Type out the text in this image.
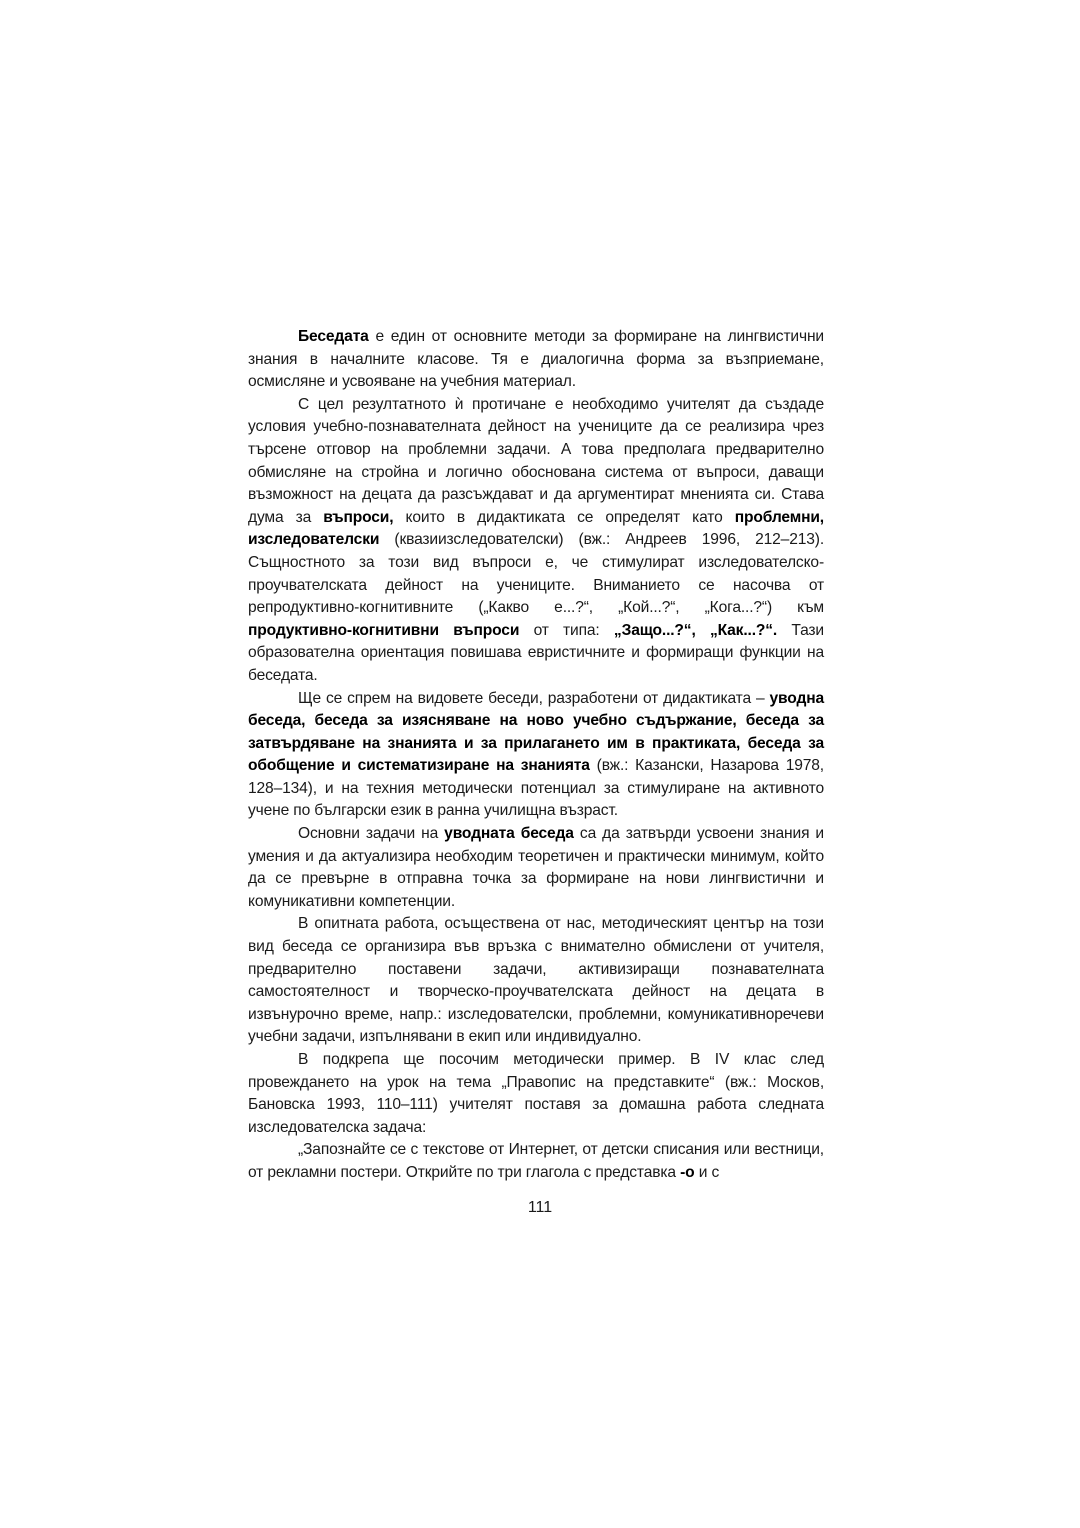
Беседата е един от основните методи за формиране на лингвистични знания в началните класове. Тя е диалогична форма за възприемане, осмисляне и усвояване на учебния материал.

С цел резултатното ѝ протичане е необходимо учителят да създаде условия учебно-познавателната дейност на учениците да се реализира чрез търсене отговор на проблемни задачи. А това предполага предварително обмисляне на стройна и логично обоснована система от въпроси, даващи възможност на децата да разсъждават и да аргументират мненията си. Става дума за въпроси, които в дидактиката се определят като проблемни, изследователски (квазиизследователски) (вж.: Андреев 1996, 212–213). Същностното за този вид въпроси е, че стимулират изследователско-проучвателската дейност на учениците. Вниманието се насочва от репродуктивно-когнитивните („Какво е...?“, „Кой...?“, „Кога...?“) към продуктивно-когнитивни въпроси от типа: „Защо...?“, „Как...?“. Тази образователна ориентация повишава евристичните и формиращи функции на беседата.

Ще се спрем на видовете беседи, разработени от дидактиката – уводна беседа, беседа за изясняване на ново учебно съдържание, беседа за затвърдяване на знанията и за прилагането им в практиката, беседа за обобщение и систематизиране на знанията (вж.: Казански, Назарова 1978, 128–134), и на техния методически потенциал за стимулиране на активното учене по български език в ранна училищна възраст.

Основни задачи на уводната беседа са да затвърди усвоени знания и умения и да актуализира необходим теоретичен и практически минимум, който да се превърне в отправна точка за формиране на нови лингвистични и комуникативни компетенции.

В опитната работа, осъществена от нас, методическият център на този вид беседа се организира във връзка с внимателно обмислени от учителя, предварително поставени задачи, активизиращи познавателната самостоятелност и творческо-проучвателската дейност на децата в извънурочно време, напр.: изследователски, проблемни, комуникативноречеви учебни задачи, изпълнявани в екип или индивидуално.

В подкрепа ще посочим методически пример. В IV клас след провеждането на урок на тема „Правопис на представките“ (вж.: Москов, Бановска 1993, 110–111) учителят поставя за домашна работа следната изследователска задача:

„Запознайте се с текстове от Интернет, от детски списания или вестници, от рекламни постери. Открийте по три глагола с представка -о и с

111
